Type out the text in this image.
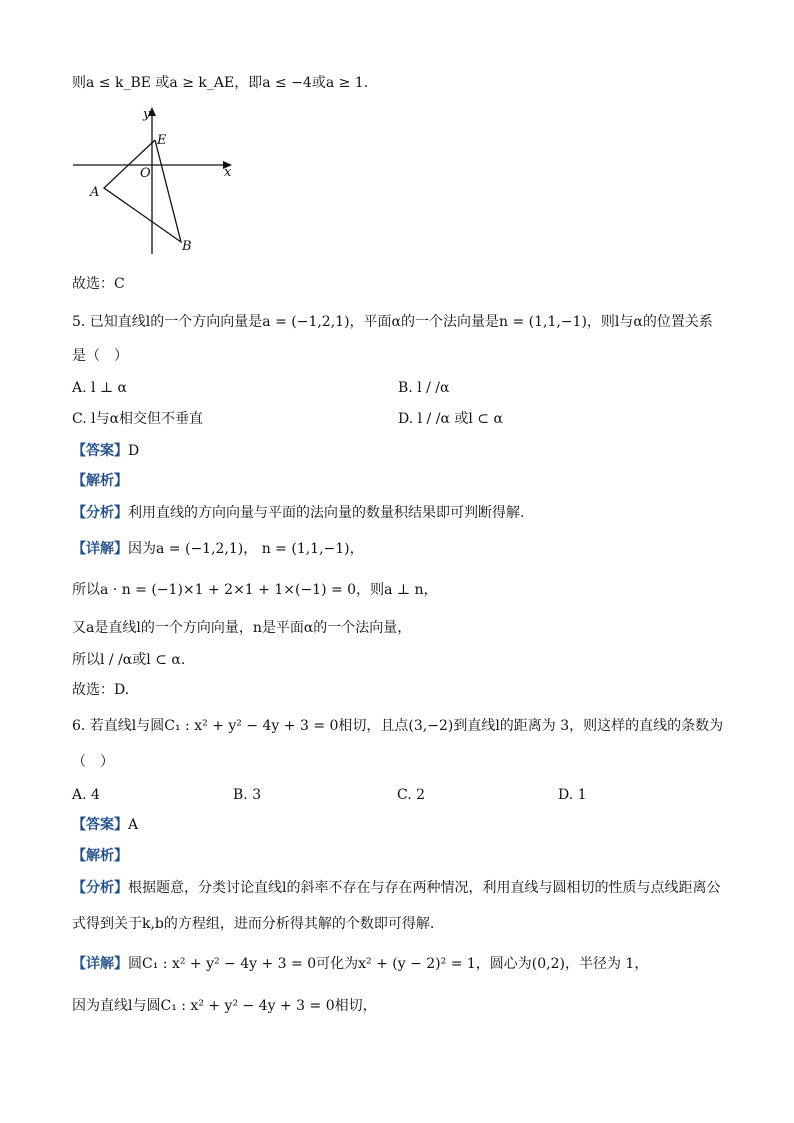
则a ≤ k_BE 或a ≥ k_AE，即a ≤ −4或a ≥ 1.
y
x
E
O
A
B
故选：C
5. 已知直线l的一个方向向量是a = (−1,2,1)，平面α的一个法向量是n = (1,1,−1)，则l与α的位置关系
是（　）
A. l ⊥ α	B. l / /α
C. l与α相交但不垂直	D. l / /α 或l ⊂ α
【答案】D
【解析】
【分析】利用直线的方向向量与平面的法向量的数量积结果即可判断得解.
【详解】因为a = (−1,2,1)， n = (1,1,−1)，
所以a · n = (−1)×1 + 2×1 + 1×(−1) = 0，则a ⊥ n，
又a是直线l的一个方向向量，n是平面α的一个法向量，
所以l / /α或l ⊂ α.
故选：D.
6. 若直线l与圆C₁ : x² + y² − 4y + 3 = 0相切，且点(3,−2)到直线l的距离为 3，则这样的直线的条数为
（　）
A. 4	B. 3	C. 2	D. 1
【答案】A
【解析】
【分析】根据题意，分类讨论直线l的斜率不存在与存在两种情况，利用直线与圆相切的性质与点线距离公
式得到关于k,b的方程组，进而分析得其解的个数即可得解.
【详解】圆C₁ : x² + y² − 4y + 3 = 0可化为x² + (y − 2)² = 1，圆心为(0,2)，半径为 1，
因为直线l与圆C₁ : x² + y² − 4y + 3 = 0相切，
